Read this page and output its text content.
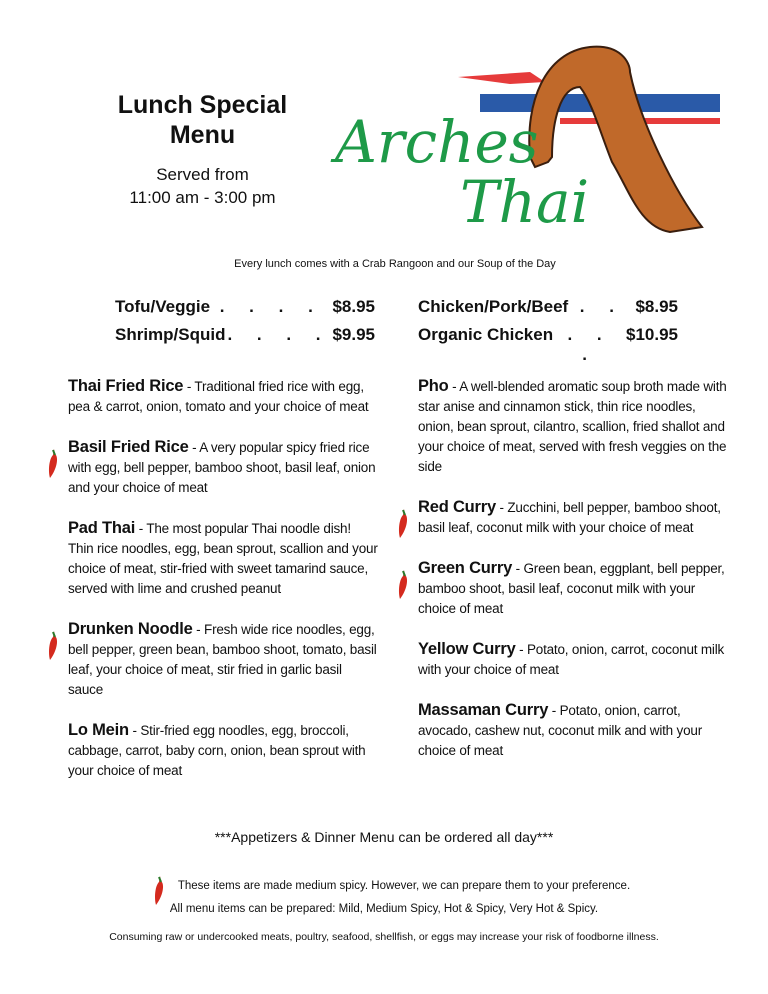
Lunch Special
Menu
Served from
11:00 am - 3:00 pm
Arches
Thai
Every lunch comes with a Crab Rangoon and our Soup of the Day
Tofu/Veggie . . . . $8.95
Shrimp/Squid . . . . $9.95
Chicken/Pork/Beef . . $8.95
Organic Chicken . . .
$10.95
Thai Fried Rice - Traditional fried rice with egg, pea & carrot, onion, tomato and your choice of meat
Basil Fried Rice - A very popular spicy fried rice with egg, bell pepper, bamboo shoot, basil leaf, onion and your choice of meat
Pad Thai - The most popular Thai noodle dish! Thin rice noodles, egg, bean sprout, scallion and your choice of meat, stir-fried with sweet tamarind sauce, served with lime and crushed peanut
Drunken Noodle - Fresh wide rice noodles, egg, bell pepper, green bean, bamboo shoot, tomato, basil leaf, your choice of meat, stir fried in garlic basil sauce
Lo Mein - Stir-fried egg noodles, egg, broccoli, cabbage, carrot, baby corn, onion, bean sprout with your choice of meat
Pho - A well-blended aromatic soup broth made with star anise and cinnamon stick, thin rice noodles, onion, bean sprout, cilantro, scallion, fried shallot and your choice of meat, served with fresh veggies on the side
Red Curry - Zucchini, bell pepper, bamboo shoot, basil leaf, coconut milk with your choice of meat
Green Curry - Green bean, eggplant, bell pepper, bamboo shoot, basil leaf, coconut milk with your choice of meat
Yellow Curry - Potato, onion, carrot, coconut milk with your choice of meat
Massaman Curry - Potato, onion, carrot, avocado, cashew nut, coconut milk and with your choice of meat
***Appetizers & Dinner Menu can be ordered all day***
These items are made medium spicy. However, we can prepare them to your preference.
All menu items can be prepared: Mild, Medium Spicy, Hot & Spicy, Very Hot & Spicy.
Consuming raw or undercooked meats, poultry, seafood, shellfish, or eggs may increase your risk of foodborne illness.
